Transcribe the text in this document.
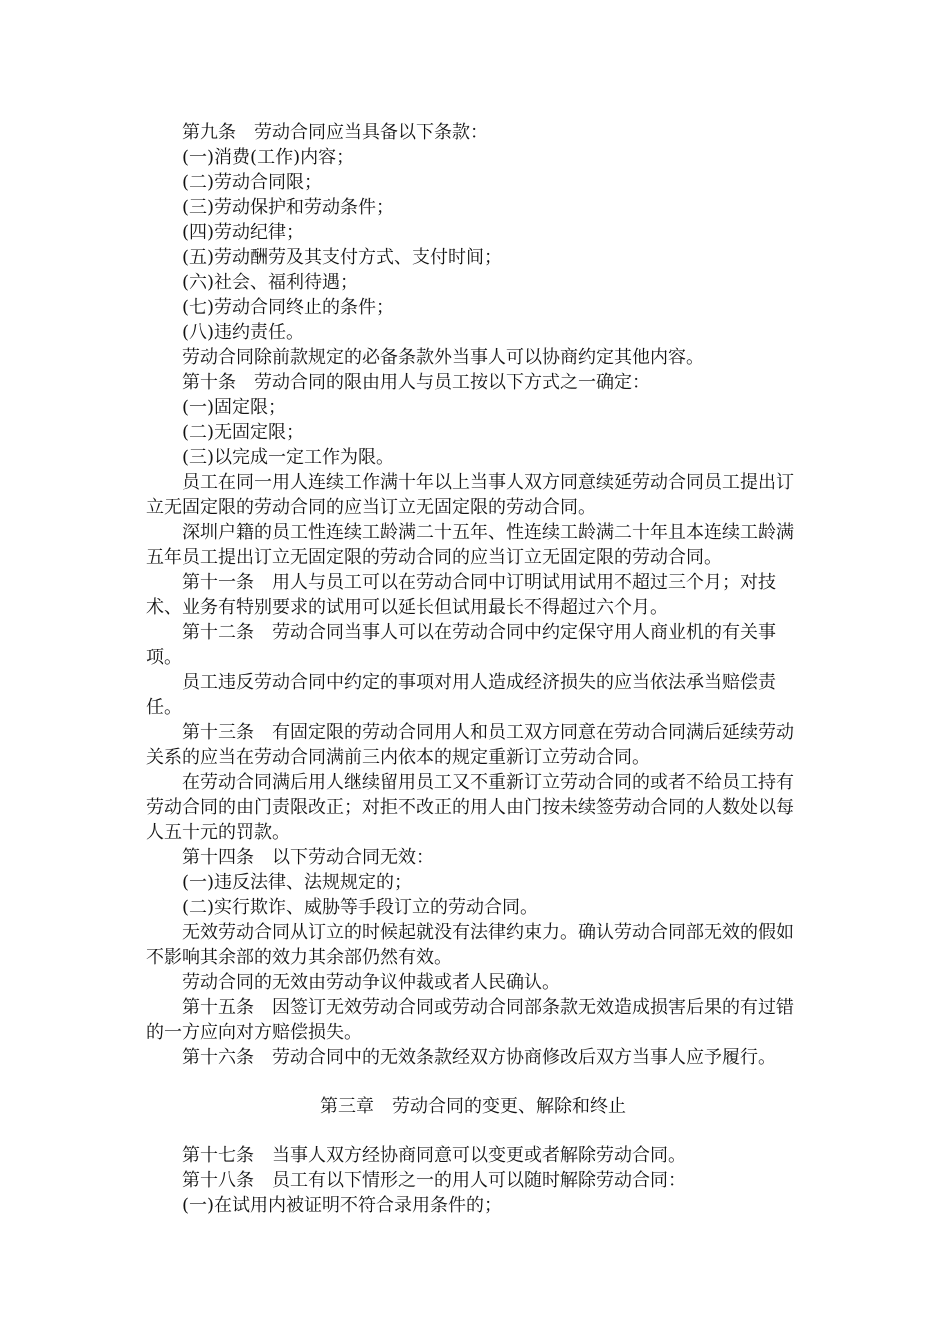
第九条　劳动合同应当具备以下条款：

(一)消费(工作)内容；

(二)劳动合同限；

(三)劳动保护和劳动条件；

(四)劳动纪律；

(五)劳动酬劳及其支付方式、支付时间；

(六)社会、福利待遇；

(七)劳动合同终止的条件；

(八)违约责任。

劳动合同除前款规定的必备条款外当事人可以协商约定其他内容。

第十条　劳动合同的限由用人与员工按以下方式之一确定：

(一)固定限；

(二)无固定限；

(三)以完成一定工作为限。

员工在同一用人连续工作满十年以上当事人双方同意续延劳动合同员工提出订立无固定限的劳动合同的应当订立无固定限的劳动合同。

深圳户籍的员工性连续工龄满二十五年、性连续工龄满二十年且本连续工龄满五年员工提出订立无固定限的劳动合同的应当订立无固定限的劳动合同。

第十一条　用人与员工可以在劳动合同中订明试用试用不超过三个月；对技术、业务有特别要求的试用可以延长但试用最长不得超过六个月。

第十二条　劳动合同当事人可以在劳动合同中约定保守用人商业机的有关事项。

员工违反劳动合同中约定的事项对用人造成经济损失的应当依法承当赔偿责任。

第十三条　有固定限的劳动合同用人和员工双方同意在劳动合同满后延续劳动关系的应当在劳动合同满前三内依本的规定重新订立劳动合同。

在劳动合同满后用人继续留用员工又不重新订立劳动合同的或者不给员工持有劳动合同的由门责限改正；对拒不改正的用人由门按未续签劳动合同的人数处以每人五十元的罚款。

第十四条　以下劳动合同无效：

(一)违反法律、法规规定的；

(二)实行欺诈、威胁等手段订立的劳动合同。

无效劳动合同从订立的时候起就没有法律约束力。确认劳动合同部无效的假如不影响其余部的效力其余部仍然有效。

劳动合同的无效由劳动争议仲裁或者人民确认。

第十五条　因签订无效劳动合同或劳动合同部条款无效造成损害后果的有过错的一方应向对方赔偿损失。

第十六条　劳动合同中的无效条款经双方协商修改后双方当事人应予履行。

第三章　劳动合同的变更、解除和终止

第十七条　当事人双方经协商同意可以变更或者解除劳动合同。

第十八条　员工有以下情形之一的用人可以随时解除劳动合同：

(一)在试用内被证明不符合录用条件的；
